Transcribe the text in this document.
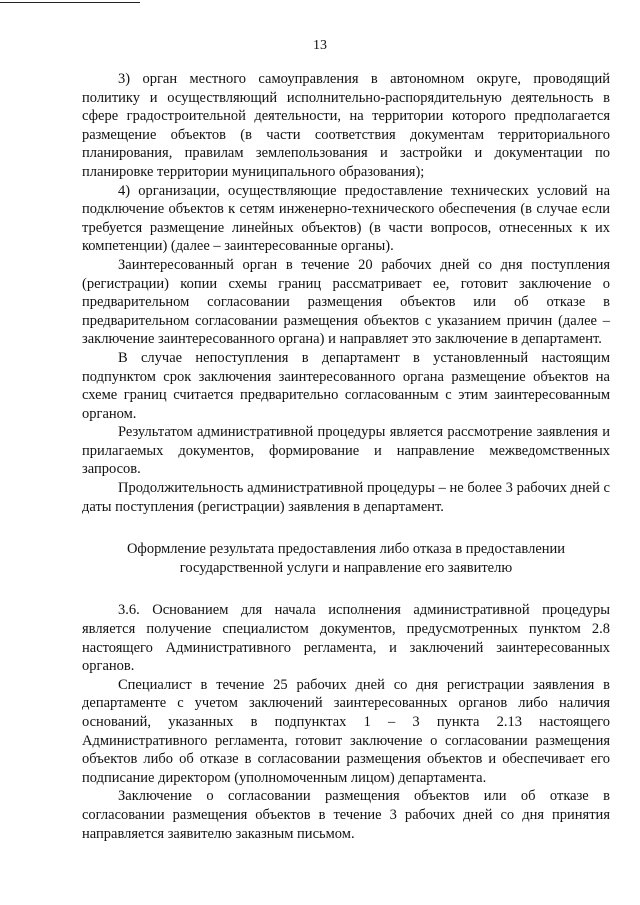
13

3) орган местного самоуправления в автономном округе, проводящий политику и осуществляющий исполнительно-распорядительную деятельность в сфере градостроительной деятельности, на территории которого предполагается размещение объектов (в части соответствия документам территориального планирования, правилам землепользования и застройки и документации по планировке территории муниципального образования);

4) организации, осуществляющие предоставление технических условий на подключение объектов к сетям инженерно-технического обеспечения (в случае если требуется размещение линейных объектов) (в части вопросов, отнесенных к их компетенции) (далее – заинтересованные органы).

Заинтересованный орган в течение 20 рабочих дней со дня поступления (регистрации) копии схемы границ рассматривает ее, готовит заключение о предварительном согласовании размещения объектов или об отказе в предварительном согласовании размещения объектов с указанием причин (далее – заключение заинтересованного органа) и направляет это заключение в департамент.

В случае непоступления в департамент в установленный настоящим подпунктом срок заключения заинтересованного органа размещение объектов на схеме границ считается предварительно согласованным с этим заинтересованным органом.

Результатом административной процедуры является рассмотрение заявления и прилагаемых документов, формирование и направление межведомственных запросов.

Продолжительность административной процедуры – не более 3 рабочих дней с даты поступления (регистрации) заявления в департамент.

Оформление результата предоставления либо отказа в предоставлении
государственной услуги и направление его заявителю

3.6. Основанием для начала исполнения административной процедуры является получение специалистом документов, предусмотренных пунктом 2.8 настоящего Административного регламента, и заключений заинтересованных органов.

Специалист в течение 25 рабочих дней со дня регистрации заявления в департаменте с учетом заключений заинтересованных органов либо наличия оснований, указанных в подпунктах 1 – 3 пункта 2.13 настоящего Административного регламента, готовит заключение о согласовании размещения объектов либо об отказе в согласовании размещения объектов и обеспечивает его подписание директором (уполномоченным лицом) департамента.

Заключение о согласовании размещения объектов или об отказе в согласовании размещения объектов в течение 3 рабочих дней со дня принятия направляется заявителю заказным письмом.
